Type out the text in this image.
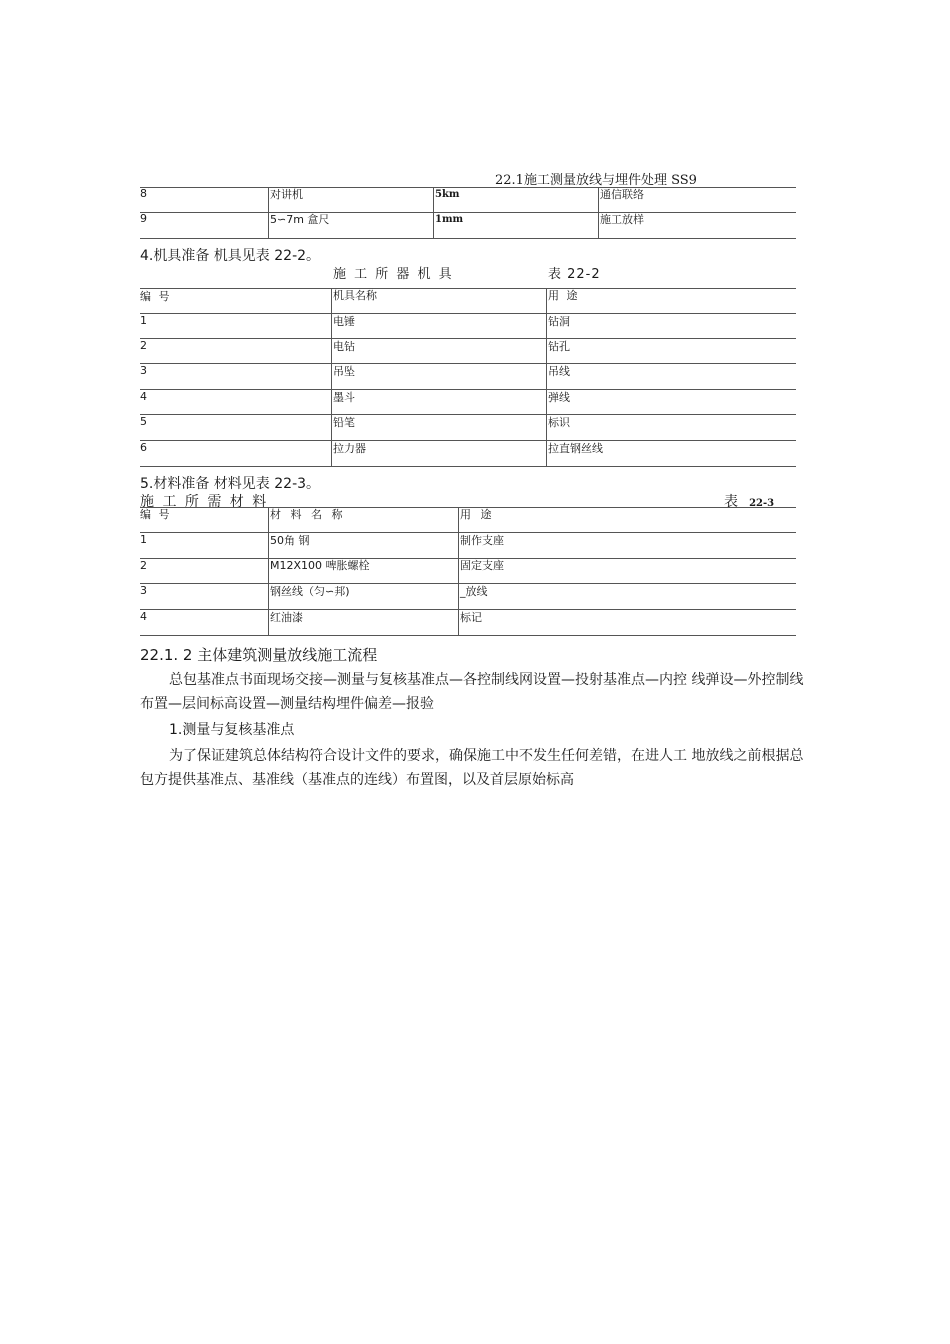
22.1施工测量放线与埋件处理 SS9
8	对讲机	5km	通信联络
9	5∽7m 盒尺	1mm	施工放样
4.机具准备 机具见表 22-2。
施 工 所 器 机 具	表 22-2
编 号	机具名称	用 途
1	电锤	钻洞
2	电钻	钻孔
3	吊坠	吊线
4	墨斗	弹线
5	铅笔	标识
6	拉力器	拉直钢丝线
5.材料准备 材料见表 22-3。
施 工 所 需 材 料	表 22-3
编 号	材 料 名 称	用 途
1	50角 钢	制作支座
2	M12X100 啤胀螺栓	固定支座
3	钢丝线（匀∽邦)	_放线
4	红油漆	标记
22.1. 2 主体建筑测量放线施工流程
总包基准点书面现场交接—测量与复核基准点—各控制线网设置—投射基准点—内控 线弹设—外控制线布置—层间标高设置—测量结构埋件偏差—报验
1.测量与复核基准点
为了保证建筑总体结构符合设计文件的要求，确保施工中不发生任何差错，在进人工 地放线之前根据总包方提供基准点、基准线（基准点的连线）布置图，以及首层原始标高
